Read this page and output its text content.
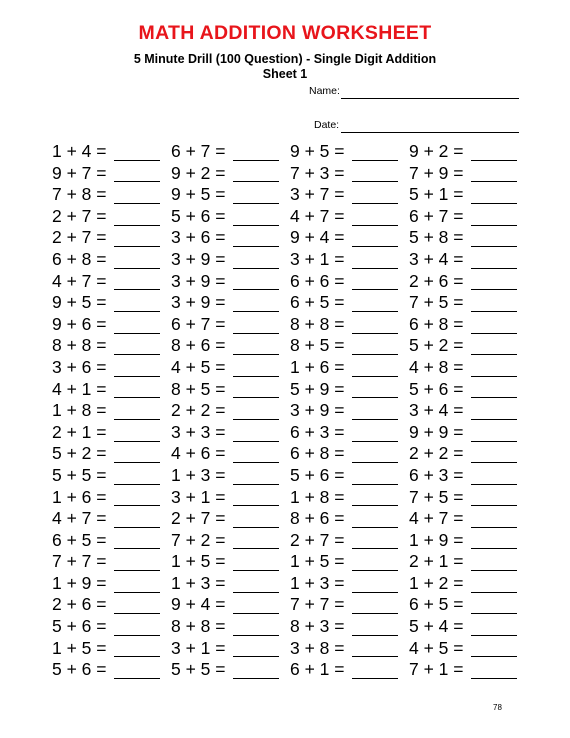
MATH ADDITION WORKSHEET
5 Minute Drill (100 Question) - Single Digit Addition
Sheet 1
Name:
Date:
1 + 4 =	6 + 7 =	9 + 5 =	9 + 2 =
9 + 7 =	9 + 2 =	7 + 3 =	7 + 9 =
7 + 8 =	9 + 5 =	3 + 7 =	5 + 1 =
2 + 7 =	5 + 6 =	4 + 7 =	6 + 7 =
2 + 7 =	3 + 6 =	9 + 4 =	5 + 8 =
6 + 8 =	3 + 9 =	3 + 1 =	3 + 4 =
4 + 7 =	3 + 9 =	6 + 6 =	2 + 6 =
9 + 5 =	3 + 9 =	6 + 5 =	7 + 5 =
9 + 6 =	6 + 7 =	8 + 8 =	6 + 8 =
8 + 8 =	8 + 6 =	8 + 5 =	5 + 2 =
3 + 6 =	4 + 5 =	1 + 6 =	4 + 8 =
4 + 1 =	8 + 5 =	5 + 9 =	5 + 6 =
1 + 8 =	2 + 2 =	3 + 9 =	3 + 4 =
2 + 1 =	3 + 3 =	6 + 3 =	9 + 9 =
5 + 2 =	4 + 6 =	6 + 8 =	2 + 2 =
5 + 5 =	1 + 3 =	5 + 6 =	6 + 3 =
1 + 6 =	3 + 1 =	1 + 8 =	7 + 5 =
4 + 7 =	2 + 7 =	8 + 6 =	4 + 7 =
6 + 5 =	7 + 2 =	2 + 7 =	1 + 9 =
7 + 7 =	1 + 5 =	1 + 5 =	2 + 1 =
1 + 9 =	1 + 3 =	1 + 3 =	1 + 2 =
2 + 6 =	9 + 4 =	7 + 7 =	6 + 5 =
5 + 6 =	8 + 8 =	8 + 3 =	5 + 4 =
1 + 5 =	3 + 1 =	3 + 8 =	4 + 5 =
5 + 6 =	5 + 5 =	6 + 1 =	7 + 1 =
78
